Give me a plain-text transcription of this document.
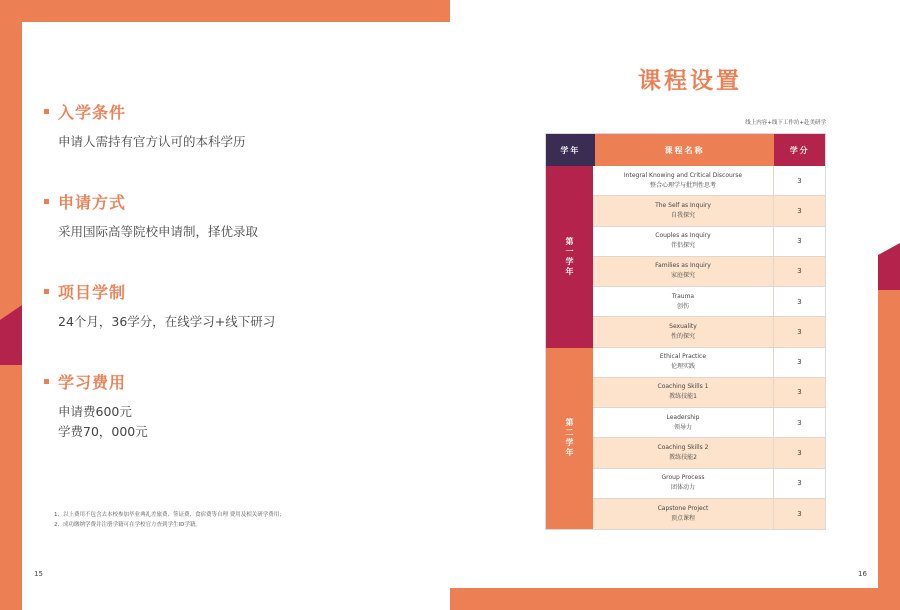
入学条件
申请人需持有官方认可的本科学历
申请方式
采用国际高等院校申请制，择优录取
项目学制
24个月，36学分，在线学习+线下研习
学习费用
申请费600元
学费70，000元
1、以上费用不包含去本校参加毕业典礼差旅费、签证费、食宿费等自理 费用及相关研学费用；
2、成功缴纳学费并注册学籍可在学校官方查到学生ID学籍。
15
课程设置
线上内容+线下工作坊+赴美研学
学年	课程名称	学分
第一学年
第二学年
Integral Knowing and Critical Discourse
整合心理学与批判性思考
3
The Self as Inquiry
自我探究
3
Couples as Inquiry
伴侣探究
3
Families as Inquiry
家庭探究
3
Trauma
创伤
3
Sexuality
性的探究
3
Ethical Practice
伦理实践
3
Coaching Skills 1
教练技能1
3
Leadership
领导力
3
Coaching Skills 2
教练技能2
3
Group Process
团体动力
3
Capstone Project
顶点课程
3
16
